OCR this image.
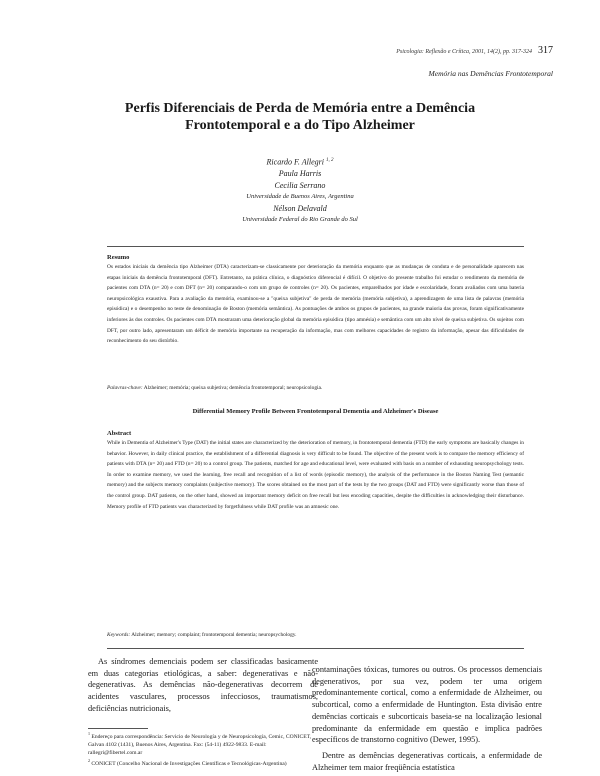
Psicologia: Reflexão e Crítica, 2001, 14(2), pp. 317-324 317
Memória nas Demências Frontotemporal
Perfis Diferenciais de Perda de Memória entre a Demência Frontotemporal e a do Tipo Alzheimer
Ricardo F. Allegri $^{1, 2}$
Paula Harris
Cecilia Serrano
Universidade de Buenos Aires, Argentina
Nélson Delavald
Universidade Federal do Rio Grande do Sul
Resumo
Os estados iniciais da demência tipo Alzheimer (DTA) caracterizam-se classicamente por deterioração da memória enquanto que as mudanças de conduta e de personalidade aparecem nas etapas iniciais da demência frontotemporal (DFT). Entretanto, na prática clínica, o diagnóstico diferencial é difícil. O objetivo do presente trabalho foi estudar o rendimento da memória de pacientes com DTA (n= 20) e com DFT (n= 20) comparando-o com um grupo de controles (n= 20). Os pacientes, emparelhados por idade e escolaridade, foram avaliados com uma bateria neuropsicológica exaustiva. Para a avaliação da memória, examinou-se a "queixa subjetiva" de perda de memória (memória subjetiva), a aprendizagem de uma lista de palavras (memória episódica) e o desempenho no teste de denominação de Boston (memória semântica). As pontuações de ambos os grupos de pacientes, na grande maioria das provas, foram significativamente inferiores às dos controles. Os pacientes com DTA mostraram uma deterioração global da memória episódica (tipo amnésia) e semântica com um alto nível de queixa subjetiva. Os sujeitos com DFT, por outro lado, apresentaram um déficit de memória importante na recuperação da informação, mas com melhores capacidades de registro da informação, apesar das dificuldades de reconhecimento do seu distúrbio.
Palavras-chave: Alzheimer; memória; queixa subjetiva; demência frontotemporal; neuropsicologia.
Differential Memory Profile Between Frontotemporal Dementia and Alzheimer's Disease
Abstract
While in Dementia of Alzheimer's Type (DAT) the initial states are characterized by the deterioration of memory, in frontotemporal dementia (FTD) the early symptoms are basically changes in behavior. However, in daily clinical practice, the establishment of a differential diagnosis is very difficult to be found. The objective of the present work is to compare the memory efficiency of patients with DTA (n= 20) and FTD (n= 20) to a control group. The patients, matched for age and educational level, were evaluated with basis on a number of exhausting neuropsychology tests. In order to examine memory, we used the learning, free recall and recognition of a list of words (episodic memory), the analysis of the performance in the Boston Naming Test (semantic memory) and the subjects memory complaints (subjective memory). The scores obtained on the most part of the tests by the two groups (DAT and FTD) were significantly worse than those of the control group. DAT patients, on the other hand, showed an important memory deficit on free recall but less encoding capacities, despite the difficulties in acknowledging their disturbance. Memory profile of FTD patients was characterized by forgetfulness while DAT profile was an amnesic one.
Keywords: Alzheimer; memory; complaint; frontotemporal dementia; neuropsychology.
As síndromes demenciais podem ser classificadas basicamente em duas categorias etiológicas, a saber: degenerativas e não-degenerativas. As demências não-degenerativas decorrem de acidentes vasculares, processos infecciosos, traumatismos, deficiências nutricionais,

contaminações tóxicas, tumores ou outros. Os processos demenciais degenerativos, por sua vez, podem ter uma origem predominantemente cortical, como a enfermidade de Alzheimer, ou subcortical, como a enfermidade de Huntington. Esta divisão entre demências corticais e subcorticais baseia-se na localização lesional predominante da enfermidade em questão e implica padrões específicos de transtorno cognitivo (Dewer, 1995).

Dentre as demências degenerativas corticais, a enfermidade de Alzheimer tem maior freqüência estatística

$^1$ Endereço para correspondência: Servicio de Neurología y de Neuropsicología, Cemic, CONICET, Galvan 4102 (1431), Buenos Aires, Argentina. Fax: (54-11) 4922-9833. E-mail: rallegri@fibertel.com.ar
$^2$ CONICET (Concelho Nacional de Investigações Científicas e Tecnológicas-Argentina)
